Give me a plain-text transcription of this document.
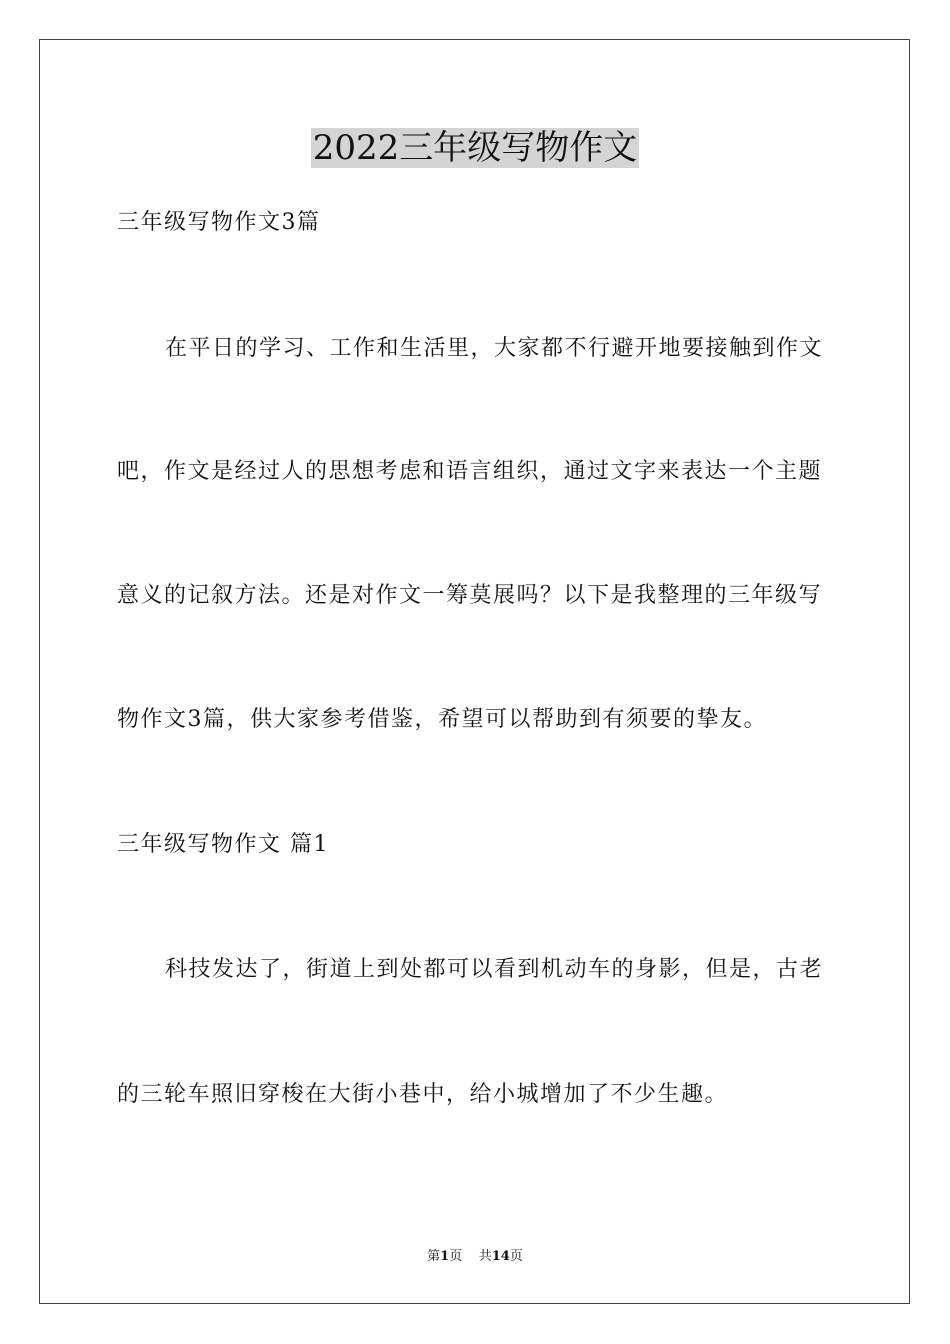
2022三年级写物作文
三年级写物作文3篇
在平日的学习、工作和生活里，大家都不行避开地要接触到作文
吧，作文是经过人的思想考虑和语言组织，通过文字来表达一个主题
意义的记叙方法。还是对作文一筹莫展吗？以下是我整理的三年级写
物作文3篇，供大家参考借鉴，希望可以帮助到有须要的挚友。
三年级写物作文 篇1
科技发达了，街道上到处都可以看到机动车的身影，但是，古老
的三轮车照旧穿梭在大街小巷中，给小城增加了不少生趣。
第1页 共14页
